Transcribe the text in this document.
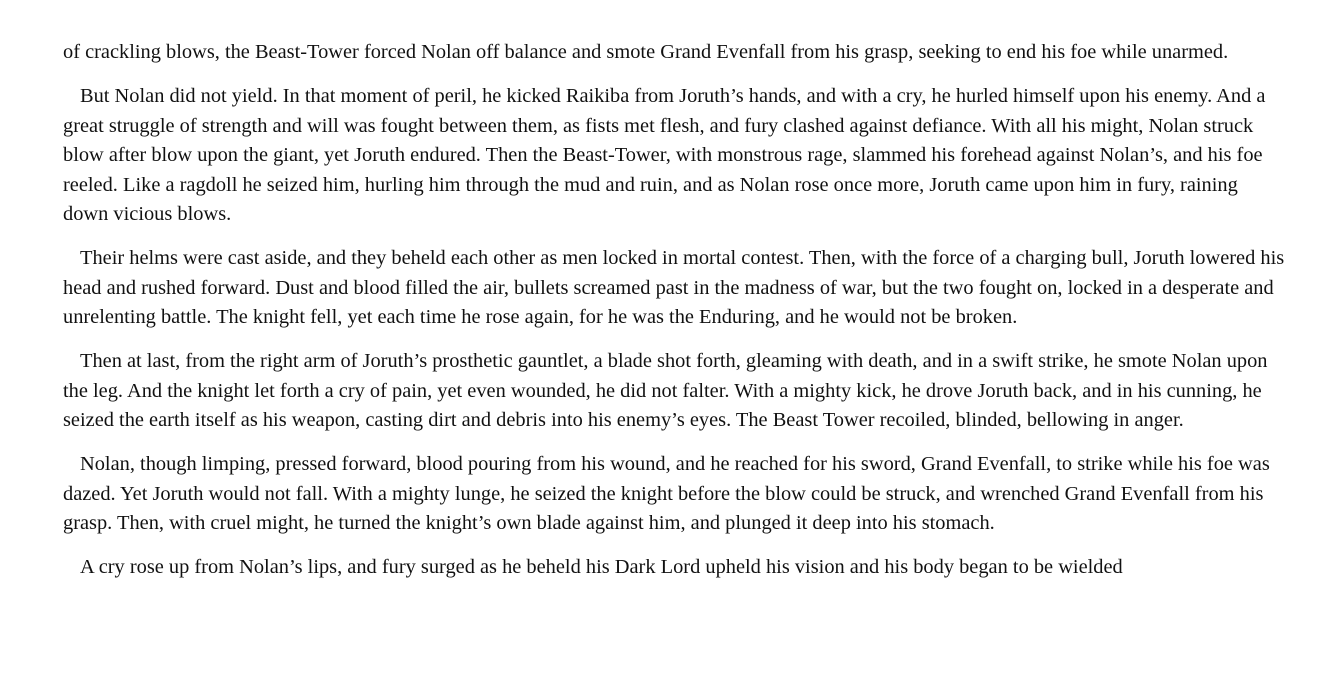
of crackling blows, the Beast-Tower forced Nolan off balance and smote Grand Evenfall from his grasp, seeking to end his foe while unarmed.

But Nolan did not yield. In that moment of peril, he kicked Raikiba from Joruth’s hands, and with a cry, he hurled himself upon his enemy. And a great struggle of strength and will was fought between them, as fists met flesh, and fury clashed against defiance. With all his might, Nolan struck blow after blow upon the giant, yet Joruth endured. Then the Beast-Tower, with monstrous rage, slammed his forehead against Nolan’s, and his foe reeled. Like a ragdoll he seized him, hurling him through the mud and ruin, and as Nolan rose once more, Joruth came upon him in fury, raining down vicious blows.

Their helms were cast aside, and they beheld each other as men locked in mortal contest. Then, with the force of a charging bull, Joruth lowered his head and rushed forward. Dust and blood filled the air, bullets screamed past in the madness of war, but the two fought on, locked in a desperate and unrelenting battle. The knight fell, yet each time he rose again, for he was the Enduring, and he would not be broken.

Then at last, from the right arm of Joruth’s prosthetic gauntlet, a blade shot forth, gleaming with death, and in a swift strike, he smote Nolan upon the leg. And the knight let forth a cry of pain, yet even wounded, he did not falter. With a mighty kick, he drove Joruth back, and in his cunning, he seized the earth itself as his weapon, casting dirt and debris into his enemy’s eyes. The Beast Tower recoiled, blinded, bellowing in anger.

Nolan, though limping, pressed forward, blood pouring from his wound, and he reached for his sword, Grand Evenfall, to strike while his foe was dazed. Yet Joruth would not fall. With a mighty lunge, he seized the knight before the blow could be struck, and wrenched Grand Evenfall from his grasp. Then, with cruel might, he turned the knight’s own blade against him, and plunged it deep into his stomach.

A cry rose up from Nolan’s lips, and fury surged as he beheld his Dark Lord upheld his vision and his body began to be wielded
